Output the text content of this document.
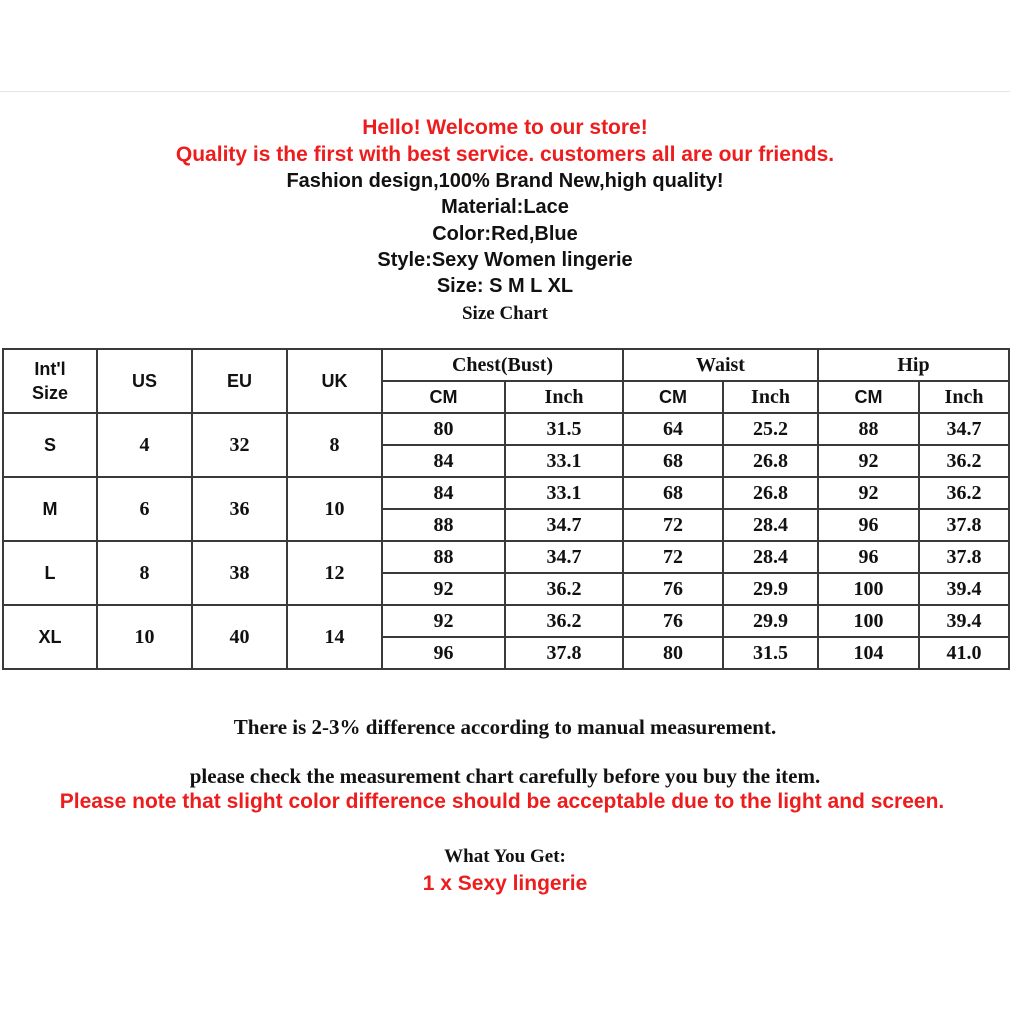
Hello! Welcome to our store!
Quality is the first with best service. customers all are our friends.
Fashion design,100% Brand New,high quality!
Material:Lace
Color:Red,Blue
Style:Sexy Women lingerie
Size: S M L XL
Size Chart
Int'l Size	US	EU	UK	Chest(Bust)		Waist		Hip	
				CM	Inch	CM	Inch	CM	Inch
S	4	32	8	80	31.5	64	25.2	88	34.7
				84	33.1	68	26.8	92	36.2
M	6	36	10	84	33.1	68	26.8	92	36.2
				88	34.7	72	28.4	96	37.8
L	8	38	12	88	34.7	72	28.4	96	37.8
				92	36.2	76	29.9	100	39.4
XL	10	40	14	92	36.2	76	29.9	100	39.4
				96	37.8	80	31.5	104	41.0
There is 2-3% difference according to manual measurement.
please check the measurement chart carefully before you buy the item.
Please note that slight color difference should be acceptable due to the light and screen.
What You Get:
1 x Sexy lingerie
